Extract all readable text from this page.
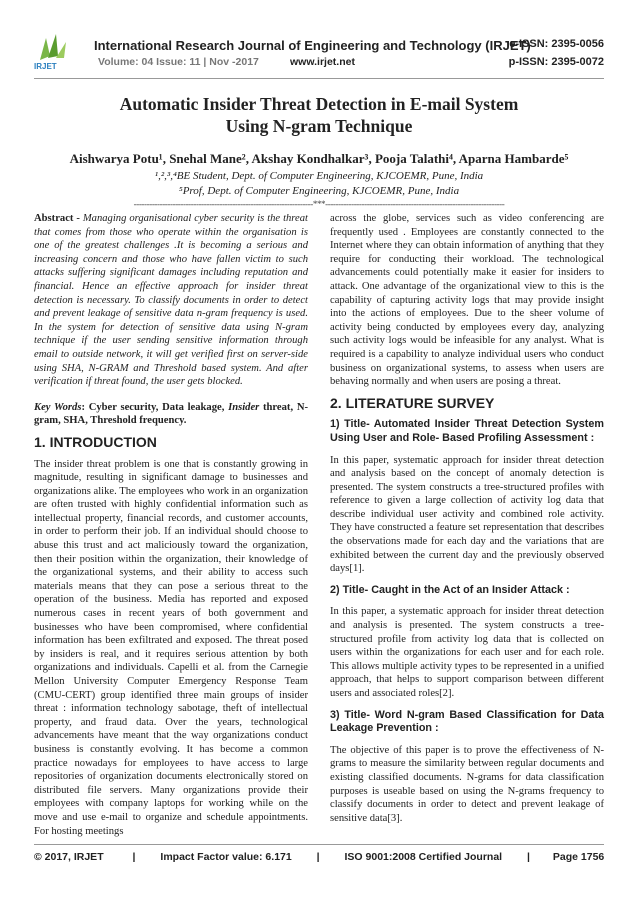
IRJET
International Research Journal of Engineering and Technology (IRJET)
Volume: 04 Issue: 11 | Nov -2017	www.irjet.net
e-ISSN: 2395-0056
p-ISSN: 2395-0072
Automatic Insider Threat Detection in E-mail System
Using N-gram Technique
Aishwarya Potu¹, Snehal Mane², Akshay Kondhalkar³, Pooja Talathi⁴, Aparna Hambarde⁵
¹,²,³,⁴BE Student, Dept. of Computer Engineering, KJCOEMR, Pune, India
⁵Prof, Dept. of Computer Engineering, KJCOEMR, Pune, India
---------------------------------------------------------------------***---------------------------------------------------------------------

Abstract - Managing organisational cyber security is the threat that comes from those who operate within the organisation is one of the greatest challenges .It is becoming a serious and increasing concern and those who have fallen victim to such attacks suffering significant damages including reputation and financial. Hence an effective approach for insider threat detection is necessary. To classify documents in order to detect and prevent leakage of sensitive data n-gram frequency is used. In the system for detection of sensitive data using N-gram technique if the user sending sensitive information through email to outside network, it will get verified first on server-side using SHA, N-GRAM and Threshold based system. And after verification if threat found, the user gets blocked.

Key Words: Cyber security, Data leakage, Insider threat, N-gram, SHA, Threshold frequency.

1. INTRODUCTION

The insider threat problem is one that is constantly growing in magnitude, resulting in significant damage to businesses and organizations alike. The employees who work in an organization are often trusted with highly confidential information such as intellectual property, financial records, and customer accounts, in order to perform their job. If an individual should choose to abuse this trust and act maliciously toward the organization, then their position within the organization, their knowledge of the organizational systems, and their ability to access such materials means that they can pose a serious threat to the operation of the business. Media has reported and exposed numerous cases in recent years of both government and businesses who have been compromised, where confidential information has been exfiltrated and exposed. The threat posed by insiders is real, and it requires serious attention by both organizations and individuals. Capelli et al. from the Carnegie Mellon University Computer Emergency Response Team (CMU-CERT) group identified three main groups of insider threat : information technology sabotage, theft of intellectual property, and fraud data. Over the years, technological advancements have meant that the way organizations conduct business is constantly evolving. It has become a common practice nowadays for employees to have access to large repositories of organization documents electronically stored on distributed file servers. Many organizations provide their employees with company laptops for working while on the move and use e-mail to organize and schedule appointments. For hosting meetings

across the globe, services such as video conferencing are frequently used . Employees are constantly connected to the Internet where they can obtain information of anything that they require for conducting their workload. The technological advancements could potentially make it easier for insiders to attack. One advantage of the organizational view to this is the capability of capturing activity logs that may provide insight into the actions of employees. Due to the sheer volume of activity being conducted by employees every day, analyzing such activity logs would be infeasible for any analyst. What is required is a capability to analyze individual users who conduct business on organizational systems, to assess when users are behaving normally and when users are posing a threat.

2. LITERATURE SURVEY
1) Title- Automated Insider Threat Detection System Using User and Role- Based Profiling Assessment :

In this paper, systematic approach for insider threat detection and analysis based on the concept of anomaly detection is presented. The system constructs a tree-structured profiles with reference to given a large collection of activity log data that describe individual user activity and combined role activity. They have constructed a feature set representation that describes the observations made for each day and the variations that are exhibited between the current day and the previously observed days[1].

2) Title- Caught in the Act of an Insider Attack :

In this paper, a systematic approach for insider threat detection and analysis is presented. The system constructs a tree-structured profile from activity log data that is collected on users within the organizations for each user and for each role. This allows multiple activity types to be represented in a unified approach, that helps to support comparison between different users and associated roles[2].

3) Title- Word N-gram Based Classification for Data Leakage Prevention :

The objective of this paper is to prove the effectiveness of N-grams to measure the similarity between regular documents and existing classified documents. N-grams for data classification purposes is useable based on using the N-grams frequency to classify documents in order to detect and prevent leakage of sensitive data[3].

© 2017, IRJET	| Impact Factor value: 6.171 | ISO 9001:2008 Certified Journal | Page 1756
